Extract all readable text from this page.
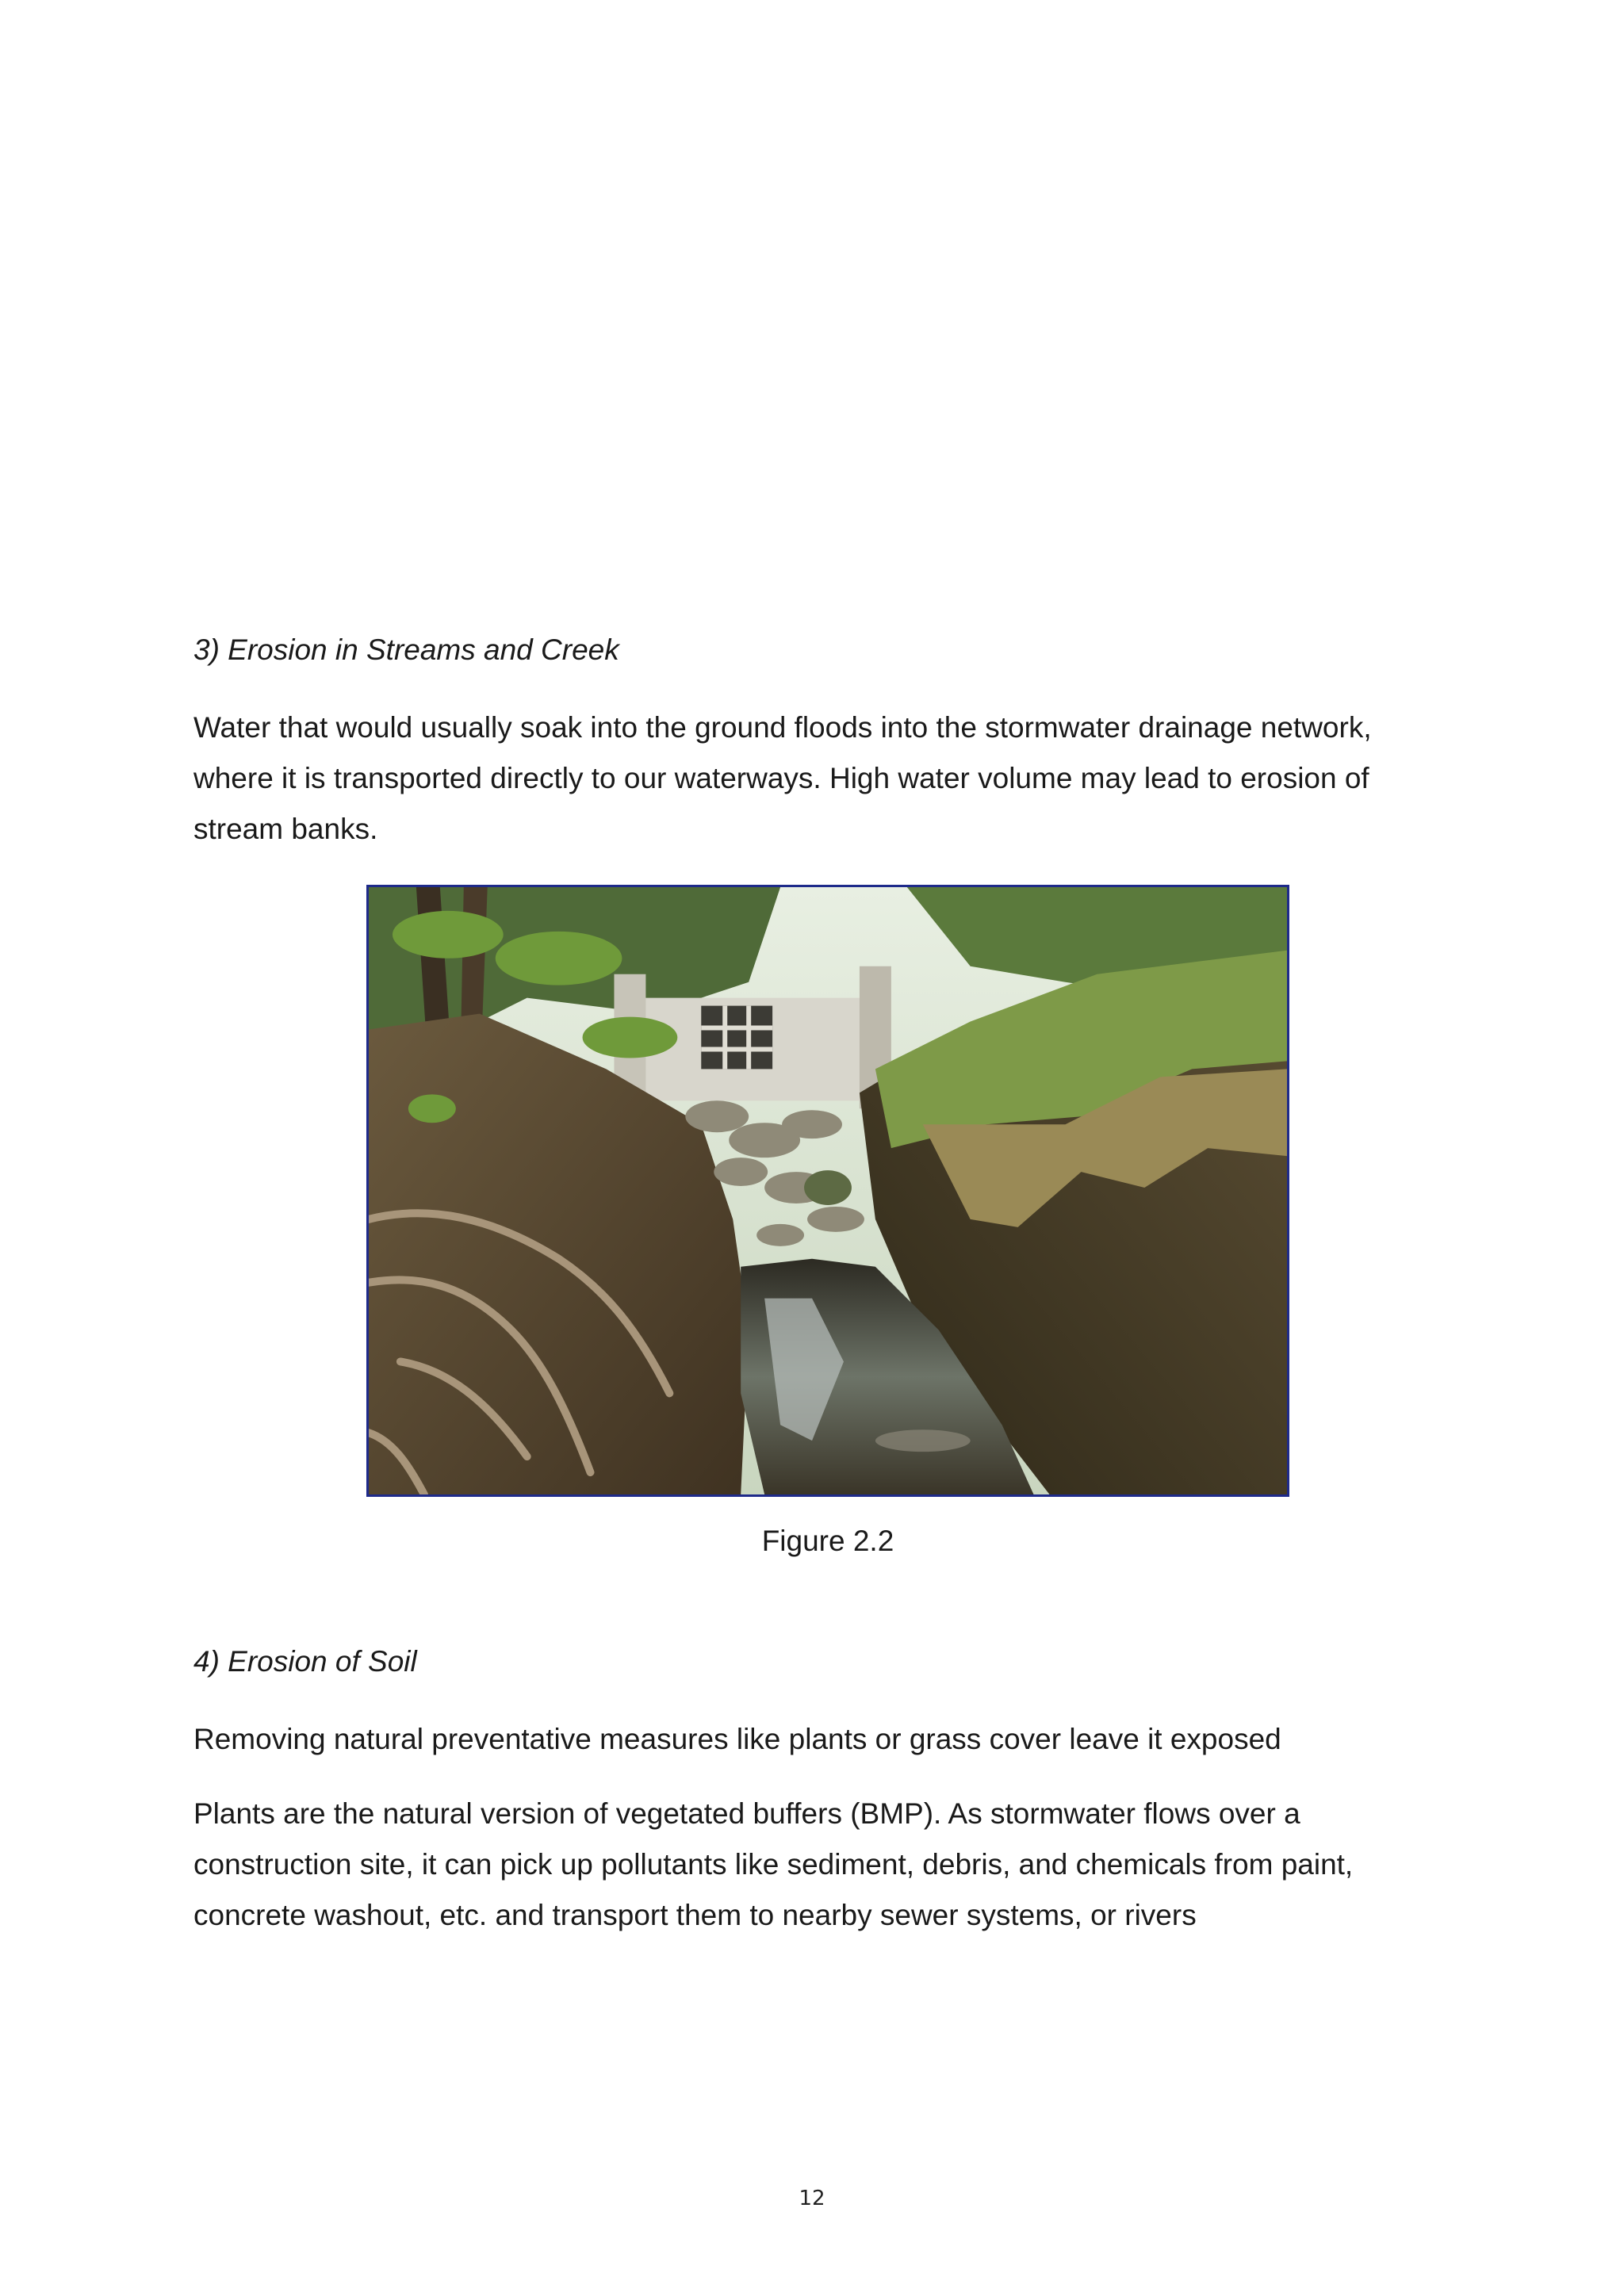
3) Erosion in Streams and Creek
Water that would usually soak into the ground floods into the stormwater drainage network,
where it is transported directly to our waterways. High water volume may lead to erosion of
stream banks.
Figure 2.2
4) Erosion of Soil
Removing natural preventative measures like plants or grass cover leave it exposed
Plants are the natural version of vegetated buffers (BMP). As stormwater flows over a
construction site, it can pick up pollutants like sediment, debris, and chemicals from paint,
concrete washout, etc. and transport them to nearby sewer systems, or rivers
12
